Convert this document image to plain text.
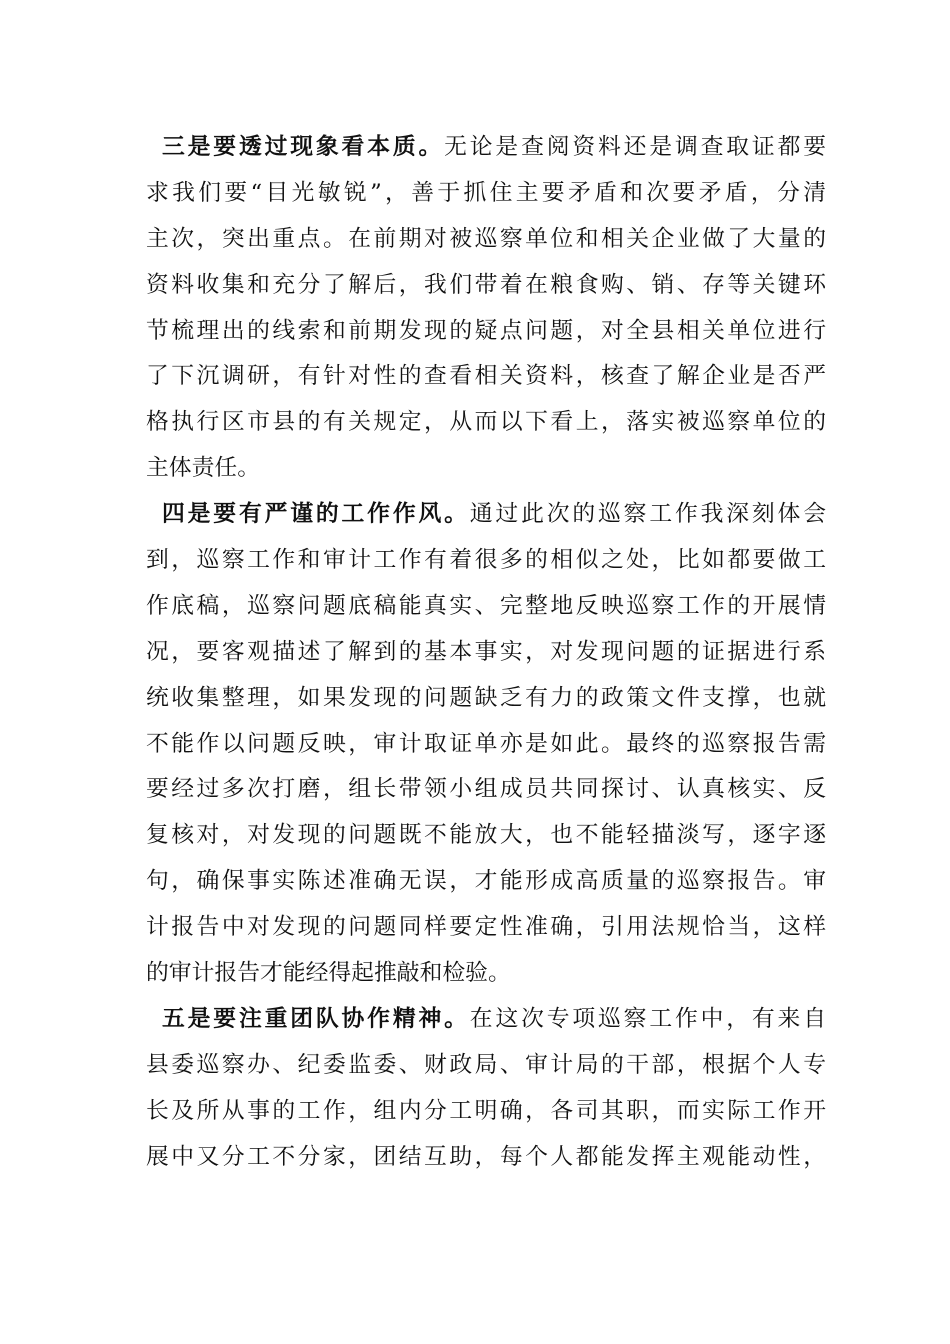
三是要透过现象看本质。无论是查阅资料还是调查取证都要
求我们要“目光敏锐”，善于抓住主要矛盾和次要矛盾，分清
主次，突出重点。在前期对被巡察单位和相关企业做了大量的
资料收集和充分了解后，我们带着在粮食购、销、存等关键环
节梳理出的线索和前期发现的疑点问题，对全县相关单位进行
了下沉调研，有针对性的查看相关资料，核查了解企业是否严
格执行区市县的有关规定，从而以下看上，落实被巡察单位的
主体责任。

四是要有严谨的工作作风。通过此次的巡察工作我深刻体会
到，巡察工作和审计工作有着很多的相似之处，比如都要做工
作底稿，巡察问题底稿能真实、完整地反映巡察工作的开展情
况，要客观描述了解到的基本事实，对发现问题的证据进行系
统收集整理，如果发现的问题缺乏有力的政策文件支撑，也就
不能作以问题反映，审计取证单亦是如此。最终的巡察报告需
要经过多次打磨，组长带领小组成员共同探讨、认真核实、反
复核对，对发现的问题既不能放大，也不能轻描淡写，逐字逐
句，确保事实陈述准确无误，才能形成高质量的巡察报告。审
计报告中对发现的问题同样要定性准确，引用法规恰当，这样
的审计报告才能经得起推敲和检验。

五是要注重团队协作精神。在这次专项巡察工作中，有来自
县委巡察办、纪委监委、财政局、审计局的干部，根据个人专
长及所从事的工作，组内分工明确，各司其职，而实际工作开
展中又分工不分家，团结互助，每个人都能发挥主观能动性，
